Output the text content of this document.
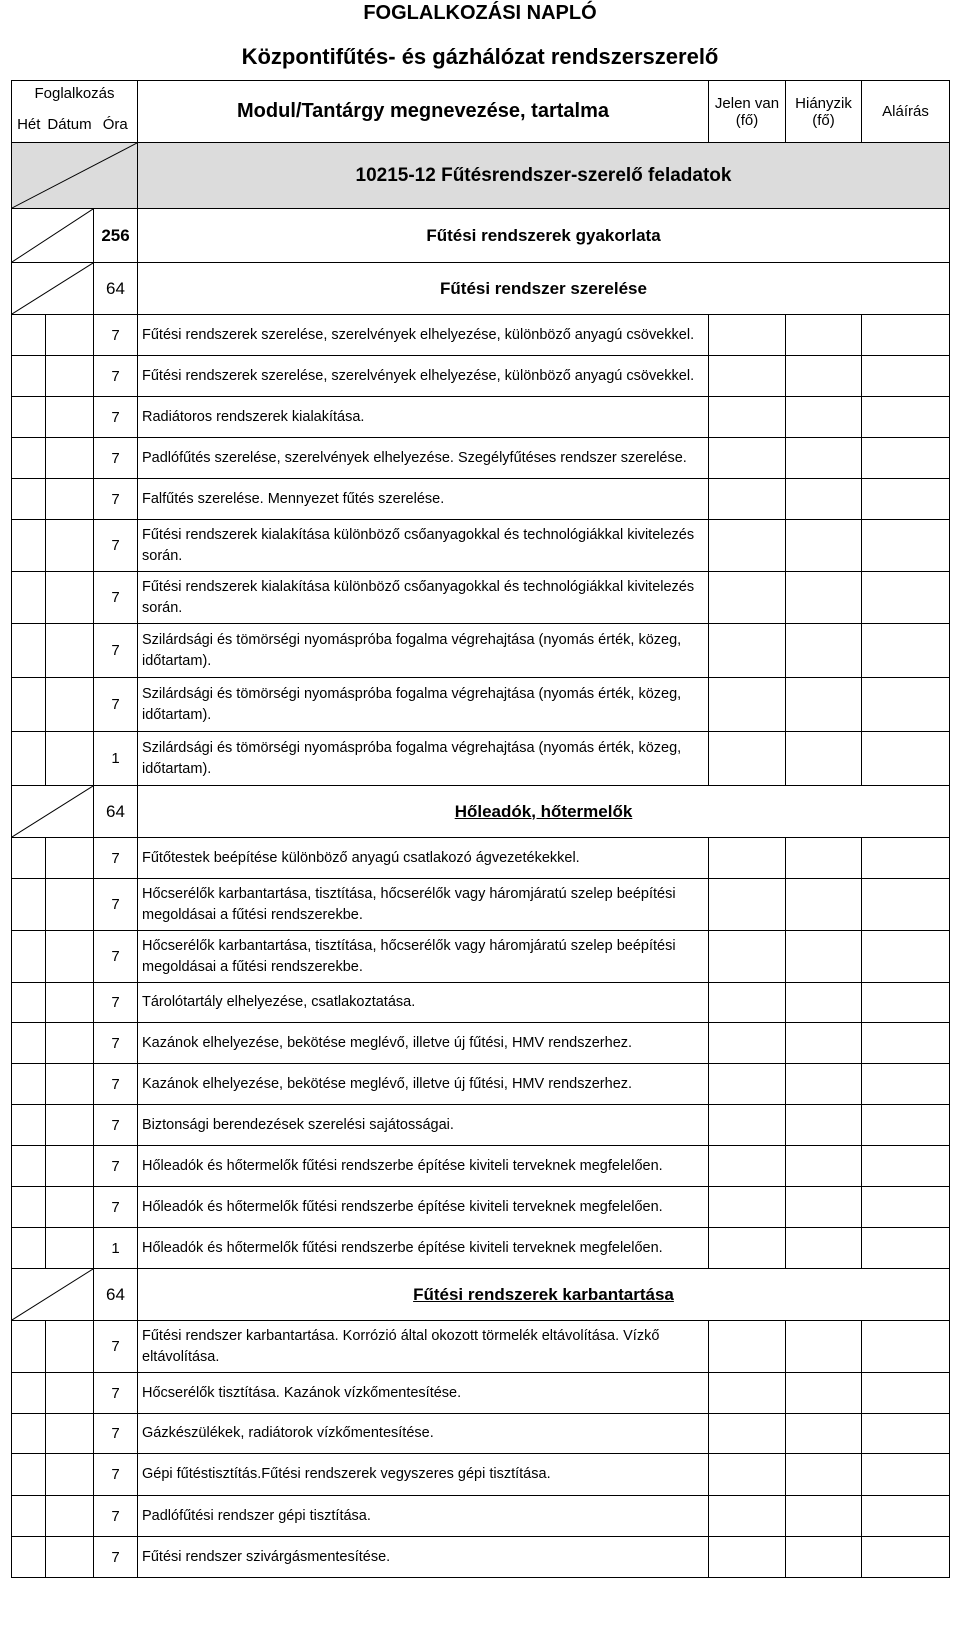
FOGLALKOZÁSI NAPLÓ
Központifűtés- és gázhálózat rendszerszerelő
Foglalkozás			Modul/Tantárgy megnevezése, tartalma	Jelen van
(fő)	Hiányzik
(fő)	Aláírás
Hét	Dátum	Óra				

	10215-12 Fűtésrendszer-szerelő feladatok			

	256	Fűtési rendszerek gyakorlata			

	64	Fűtési rendszer szerelése			
		7	Fűtési rendszerek szerelése, szerelvények elhelyezése, különböző anyagú csövekkel.			
		7	Fűtési rendszerek szerelése, szerelvények elhelyezése, különböző anyagú csövekkel.			
		7	Radiátoros rendszerek kialakítása.			
		7	Padlófűtés szerelése, szerelvények elhelyezése. Szegélyfűtéses rendszer szerelése.			
		7	Falfűtés szerelése. Mennyezet fűtés szerelése.			
		7	Fűtési rendszerek kialakítása különböző csőanyagokkal és technológiákkal kivitelezés során.			
		7	Fűtési rendszerek kialakítása különböző csőanyagokkal és technológiákkal kivitelezés során.			
		7	Szilárdsági és tömörségi nyomáspróba fogalma végrehajtása (nyomás érték, közeg, időtartam).			
		7	Szilárdsági és tömörségi nyomáspróba fogalma végrehajtása (nyomás érték, közeg, időtartam).			
		1	Szilárdsági és tömörségi nyomáspróba fogalma végrehajtása (nyomás érték, közeg, időtartam).			

	64	Hőleadók, hőtermelők			
		7	Fűtőtestek beépítése különböző anyagú csatlakozó ágvezetékekkel.			
		7	Hőcserélők karbantartása, tisztítása, hőcserélők vagy háromjáratú szelep beépítési megoldásai a fűtési rendszerekbe.			
		7	Hőcserélők karbantartása, tisztítása, hőcserélők vagy háromjáratú szelep beépítési megoldásai a fűtési rendszerekbe.			
		7	Tárolótartály elhelyezése, csatlakoztatása.			
		7	Kazánok elhelyezése, bekötése meglévő, illetve új fűtési, HMV rendszerhez.			
		7	Kazánok elhelyezése, bekötése meglévő, illetve új fűtési, HMV rendszerhez.			
		7	Biztonsági berendezések szerelési sajátosságai.			
		7	Hőleadók és hőtermelők fűtési rendszerbe építése kiviteli terveknek megfelelően.			
		7	Hőleadók és hőtermelők fűtési rendszerbe építése kiviteli terveknek megfelelően.			
		1	Hőleadók és hőtermelők fűtési rendszerbe építése kiviteli terveknek megfelelően.			

	64	Fűtési rendszerek karbantartása			
		7	Fűtési rendszer karbantartása. Korrózió által okozott törmelék eltávolítása. Vízkő eltávolítása.			
		7	Hőcserélők tisztítása. Kazánok vízkőmentesítése.			
		7	Gázkészülékek, radiátorok vízkőmentesítése.			
		7	Gépi fűtéstisztítás.Fűtési rendszerek vegyszeres gépi tisztítása.			
		7	Padlófűtési rendszer gépi tisztítása.			
		7	Fűtési rendszer szivárgásmentesítése.			
